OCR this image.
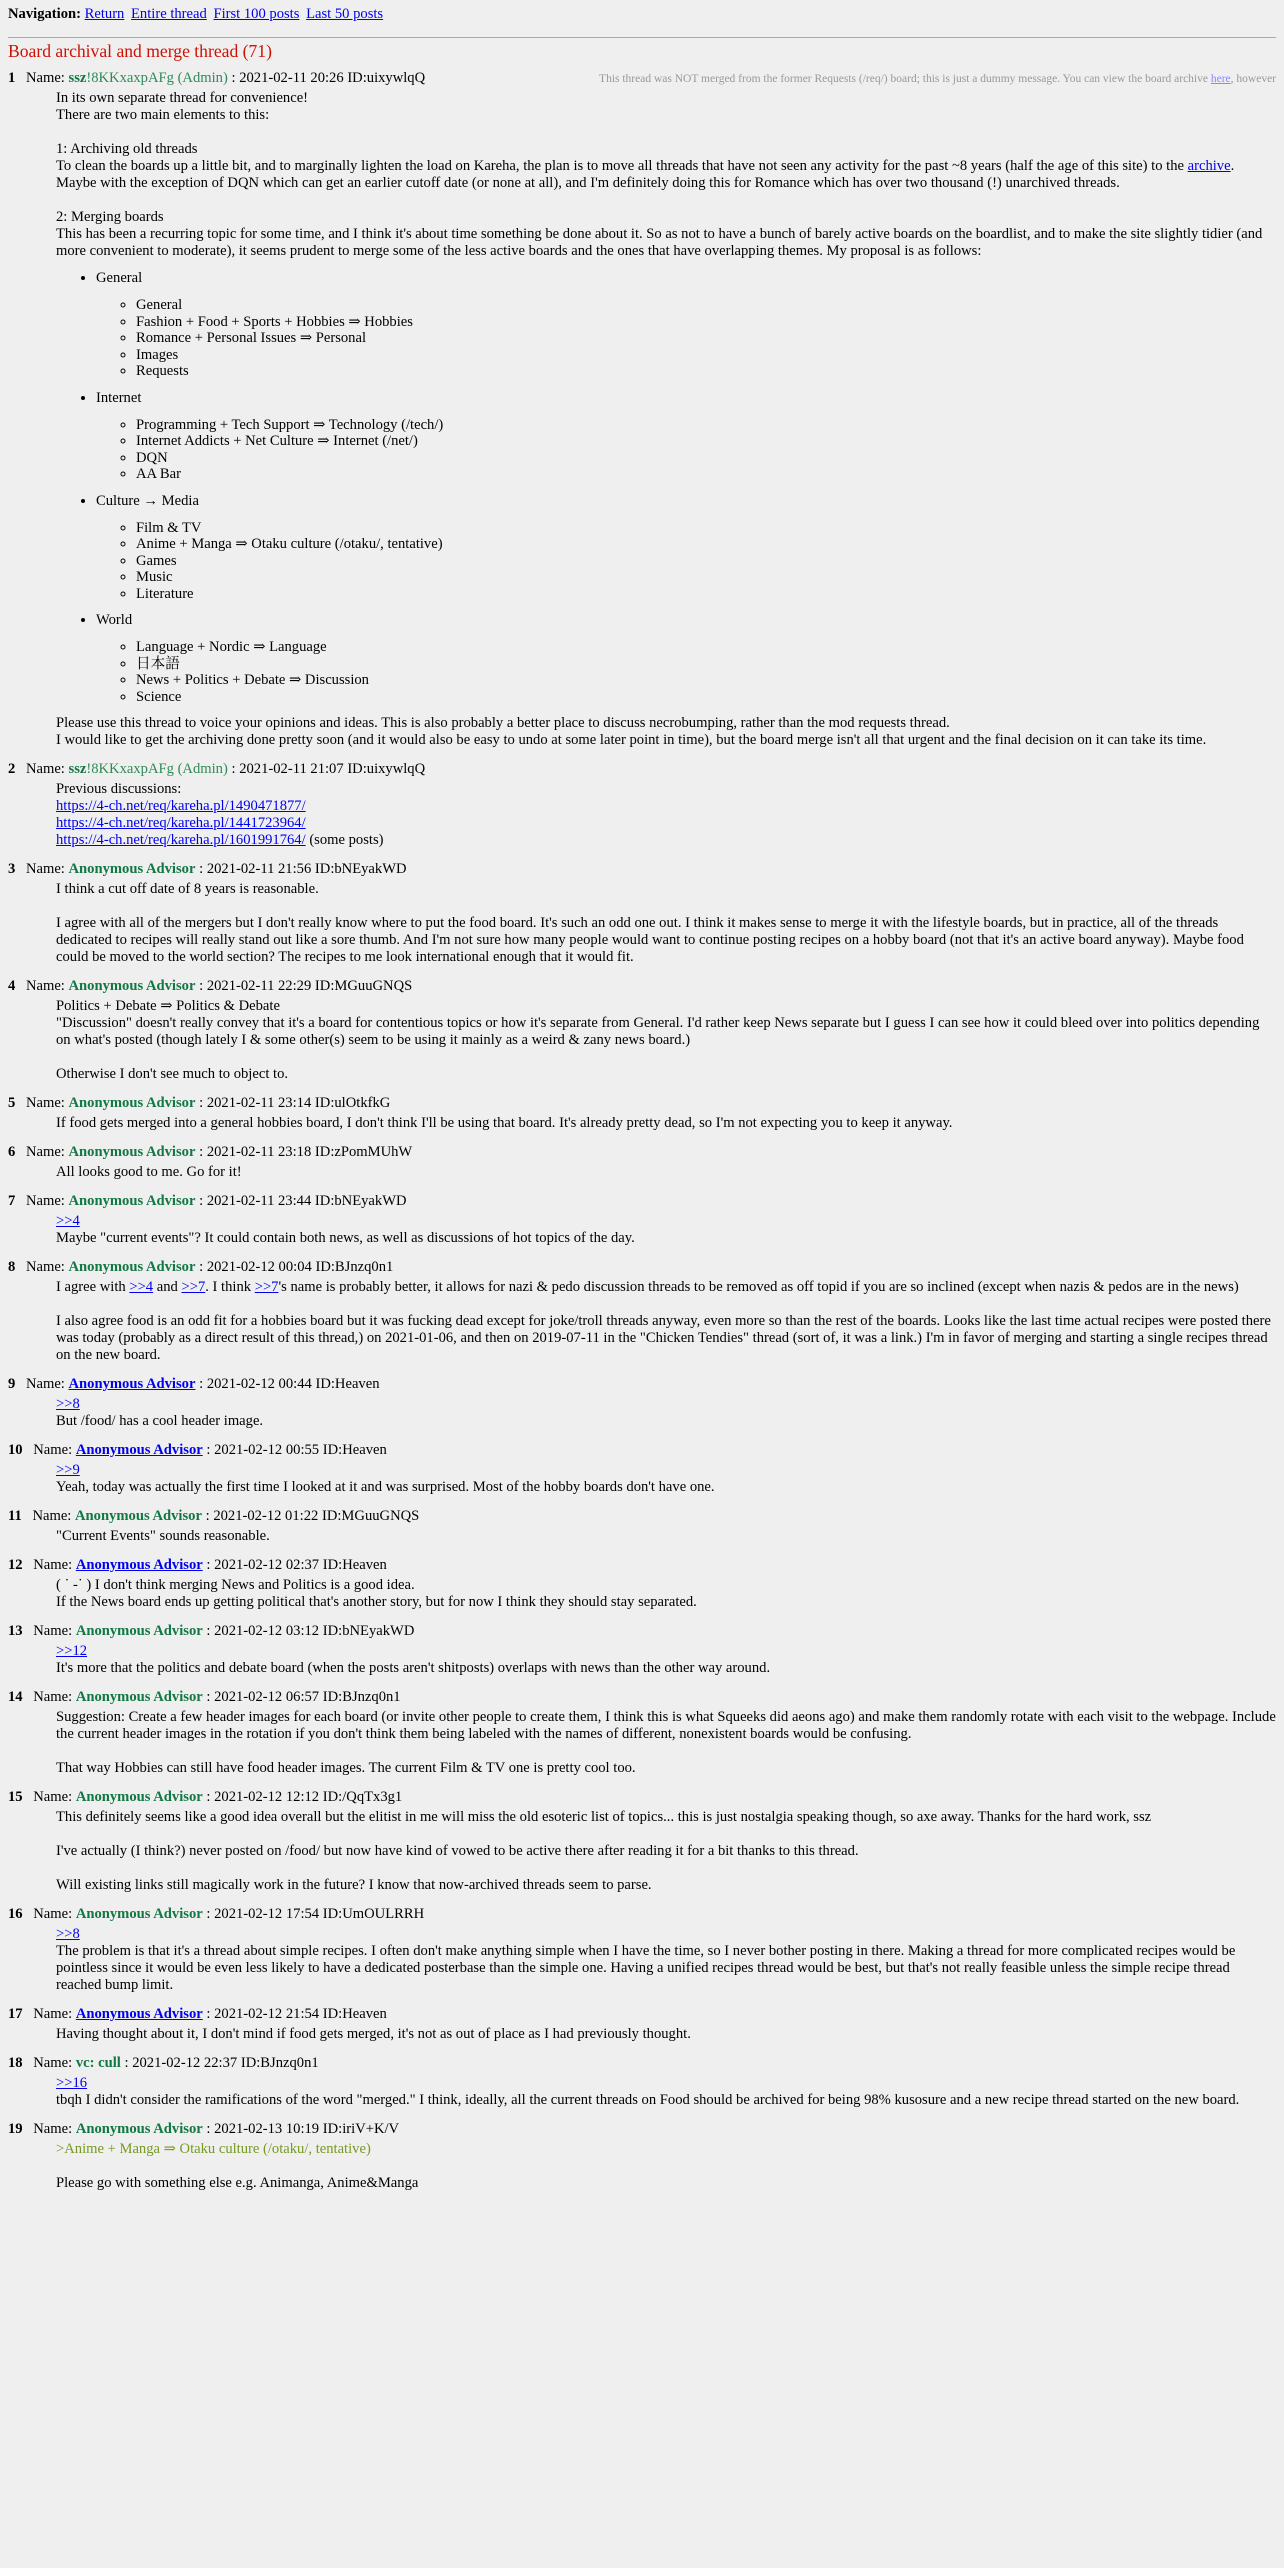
Navigation: Return Entire thread First 100 posts Last 50 posts
Board archival and merge thread (71)
1 Name: ssz!8KKxaxpAFg (Admin) : 2021-02-11 20:26 ID:uixywlqQ	This thread was NOT merged from the former Requests (/req/) board; this is just a dummy message. You can view the board archive here, however

In its own separate thread for convenience!

There are two main elements to this:

1: Archiving old threads

To clean the boards up a little bit, and to marginally lighten the load on Kareha, the plan is to move all threads that have not seen any activity for the past ~8 years (half the age of this site) to the archive. Maybe with the exception of DQN which can get an earlier cutoff date (or none at all), and I'm definitely doing this for Romance which has over two thousand (!) unarchived threads.

2: Merging boards

This has been a recurring topic for some time, and I think it's about time something be done about it. So as not to have a bunch of barely active boards on the boardlist, and to make the site slightly tidier (and more convenient to moderate), it seems prudent to merge some of the less active boards and the ones that have overlapping themes. My proposal is as follows:

• General
◦ General
◦ Fashion + Food + Sports + Hobbies ⇒ Hobbies
◦ Romance + Personal Issues ⇒ Personal
◦ Images
◦ Requests
• Internet
◦ Programming + Tech Support ⇒ Technology (/tech/)
◦ Internet Addicts + Net Culture ⇒ Internet (/net/)
◦ DQN
◦ AA Bar
• Culture → Media
◦ Film & TV
◦ Anime + Manga ⇒ Otaku culture (/otaku/, tentative)
◦ Games
◦ Music
◦ Literature
• World
◦ Language + Nordic ⇒ Language
◦ 日本語
◦ News + Politics + Debate ⇒ Discussion
◦ Science

Please use this thread to voice your opinions and ideas. This is also probably a better place to discuss necrobumping, rather than the mod requests thread.

I would like to get the archiving done pretty soon (and it would also be easy to undo at some later point in time), but the board merge isn't all that urgent and the final decision on it can take its time.

2 Name: ssz!8KKxaxpAFg (Admin) : 2021-02-11 21:07 ID:uixywlqQ

Previous discussions:

https://4-ch.net/req/kareha.pl/1490471877/

https://4-ch.net/req/kareha.pl/1441723964/

https://4-ch.net/req/kareha.pl/1601991764/ (some posts)

3 Name: Anonymous Advisor : 2021-02-11 21:56 ID:bNEyakWD

I think a cut off date of 8 years is reasonable.

I agree with all of the mergers but I don't really know where to put the food board. It's such an odd one out. I think it makes sense to merge it with the lifestyle boards, but in practice, all of the threads dedicated to recipes will really stand out like a sore thumb. And I'm not sure how many people would want to continue posting recipes on a hobby board (not that it's an active board anyway). Maybe food could be moved to the world section? The recipes to me look international enough that it would fit.

4 Name: Anonymous Advisor : 2021-02-11 22:29 ID:MGuuGNQS

Politics + Debate ⇒ Politics & Debate

"Discussion" doesn't really convey that it's a board for contentious topics or how it's separate from General. I'd rather keep News separate but I guess I can see how it could bleed over into politics depending on what's posted (though lately I & some other(s) seem to be using it mainly as a weird & zany news board.)

Otherwise I don't see much to object to.

5 Name: Anonymous Advisor : 2021-02-11 23:14 ID:ulOtkfkG

If food gets merged into a general hobbies board, I don't think I'll be using that board. It's already pretty dead, so I'm not expecting you to keep it anyway.

6 Name: Anonymous Advisor : 2021-02-11 23:18 ID:zPomMUhW

All looks good to me. Go for it!

7 Name: Anonymous Advisor : 2021-02-11 23:44 ID:bNEyakWD

>>4

Maybe "current events"? It could contain both news, as well as discussions of hot topics of the day.

8 Name: Anonymous Advisor : 2021-02-12 00:04 ID:BJnzq0n1

I agree with >>4 and >>7. I think >>7's name is probably better, it allows for nazi & pedo discussion threads to be removed as off topid if you are so inclined (except when nazis & pedos are in the news)

I also agree food is an odd fit for a hobbies board but it was fucking dead except for joke/troll threads anyway, even more so than the rest of the boards. Looks like the last time actual recipes were posted there was today (probably as a direct result of this thread,) on 2021-01-06, and then on 2019-07-11 in the "Chicken Tendies" thread (sort of, it was a link.) I'm in favor of merging and starting a single recipes thread on the new board.

9 Name: Anonymous Advisor : 2021-02-12 00:44 ID:Heaven

>>8

But /food/ has a cool header image.

10 Name: Anonymous Advisor : 2021-02-12 00:55 ID:Heaven

>>9

Yeah, today was actually the first time I looked at it and was surprised. Most of the hobby boards don't have one.

11 Name: Anonymous Advisor : 2021-02-12 01:22 ID:MGuuGNQS

"Current Events" sounds reasonable.

12 Name: Anonymous Advisor : 2021-02-12 02:37 ID:Heaven

( ˙ -˙ ) I don't think merging News and Politics is a good idea.

If the News board ends up getting political that's another story, but for now I think they should stay separated.

13 Name: Anonymous Advisor : 2021-02-12 03:12 ID:bNEyakWD

>>12

It's more that the politics and debate board (when the posts aren't shitposts) overlaps with news than the other way around.

14 Name: Anonymous Advisor : 2021-02-12 06:57 ID:BJnzq0n1

Suggestion: Create a few header images for each board (or invite other people to create them, I think this is what Squeeks did aeons ago) and make them randomly rotate with each visit to the webpage. Include the current header images in the rotation if you don't think them being labeled with the names of different, nonexistent boards would be confusing.

That way Hobbies can still have food header images. The current Film & TV one is pretty cool too.

15 Name: Anonymous Advisor : 2021-02-12 12:12 ID:/QqTx3g1

This definitely seems like a good idea overall but the elitist in me will miss the old esoteric list of topics... this is just nostalgia speaking though, so axe away. Thanks for the hard work, ssz

I've actually (I think?) never posted on /food/ but now have kind of vowed to be active there after reading it for a bit thanks to this thread.

Will existing links still magically work in the future? I know that now-archived threads seem to parse.

16 Name: Anonymous Advisor : 2021-02-12 17:54 ID:UmOULRRH

>>8

The problem is that it's a thread about simple recipes. I often don't make anything simple when I have the time, so I never bother posting in there. Making a thread for more complicated recipes would be pointless since it would be even less likely to have a dedicated posterbase than the simple one. Having a unified recipes thread would be best, but that's not really feasible unless the simple recipe thread reached bump limit.

17 Name: Anonymous Advisor : 2021-02-12 21:54 ID:Heaven

Having thought about it, I don't mind if food gets merged, it's not as out of place as I had previously thought.

18 Name: vc: cull : 2021-02-12 22:37 ID:BJnzq0n1

>>16

tbqh I didn't consider the ramifications of the word "merged." I think, ideally, all the current threads on Food should be archived for being 98% kusosure and a new recipe thread started on the new board.

19 Name: Anonymous Advisor : 2021-02-13 10:19 ID:iriV+K/V

>Anime + Manga ⇒ Otaku culture (/otaku/, tentative)

Please go with something else e.g. Animanga, Anime&Manga
